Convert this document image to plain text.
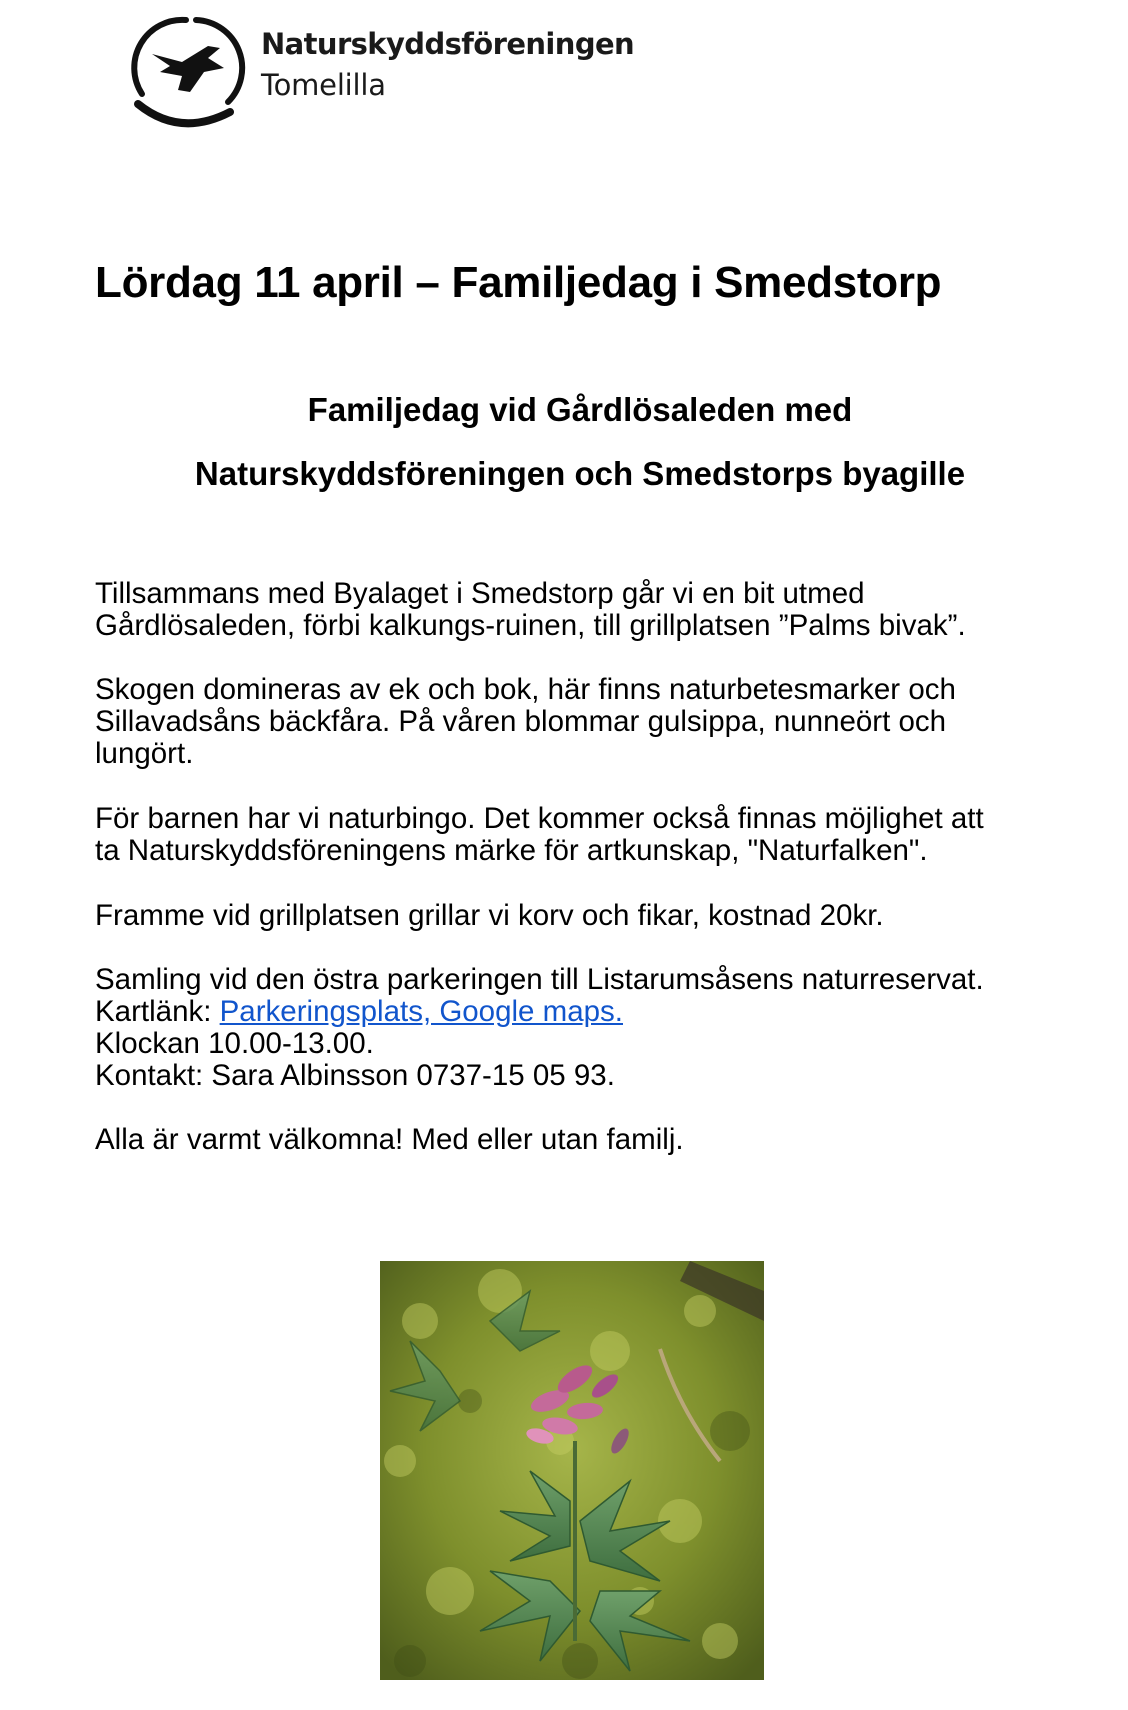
Naturskyddsföreningen
Tomelilla
Lördag 11 april – Familjedag i Smedstorp
Familjedag vid Gårdlösaleden med
Naturskyddsföreningen och Smedstorps byagille

Tillsammans med Byalaget i Smedstorp går vi en bit utmed
Gårdlösaleden, förbi kalkungs-ruinen, till grillplatsen ”Palms bivak”.

Skogen domineras av ek och bok, här finns naturbetesmarker och
Sillavadsåns bäckfåra. På våren blommar gulsippa, nunneört och
lungört.

För barnen har vi naturbingo. Det kommer också finnas möjlighet att
ta Naturskyddsföreningens märke för artkunskap, "Naturfalken".

Framme vid grillplatsen grillar vi korv och fikar, kostnad 20kr.

Samling vid den östra parkeringen till Listarumsåsens naturreservat.
Kartlänk: Parkeringsplats, Google maps.
Klockan 10.00-13.00.
Kontakt: Sara Albinsson 0737-15 05 93.

Alla är varmt välkomna! Med eller utan familj.
